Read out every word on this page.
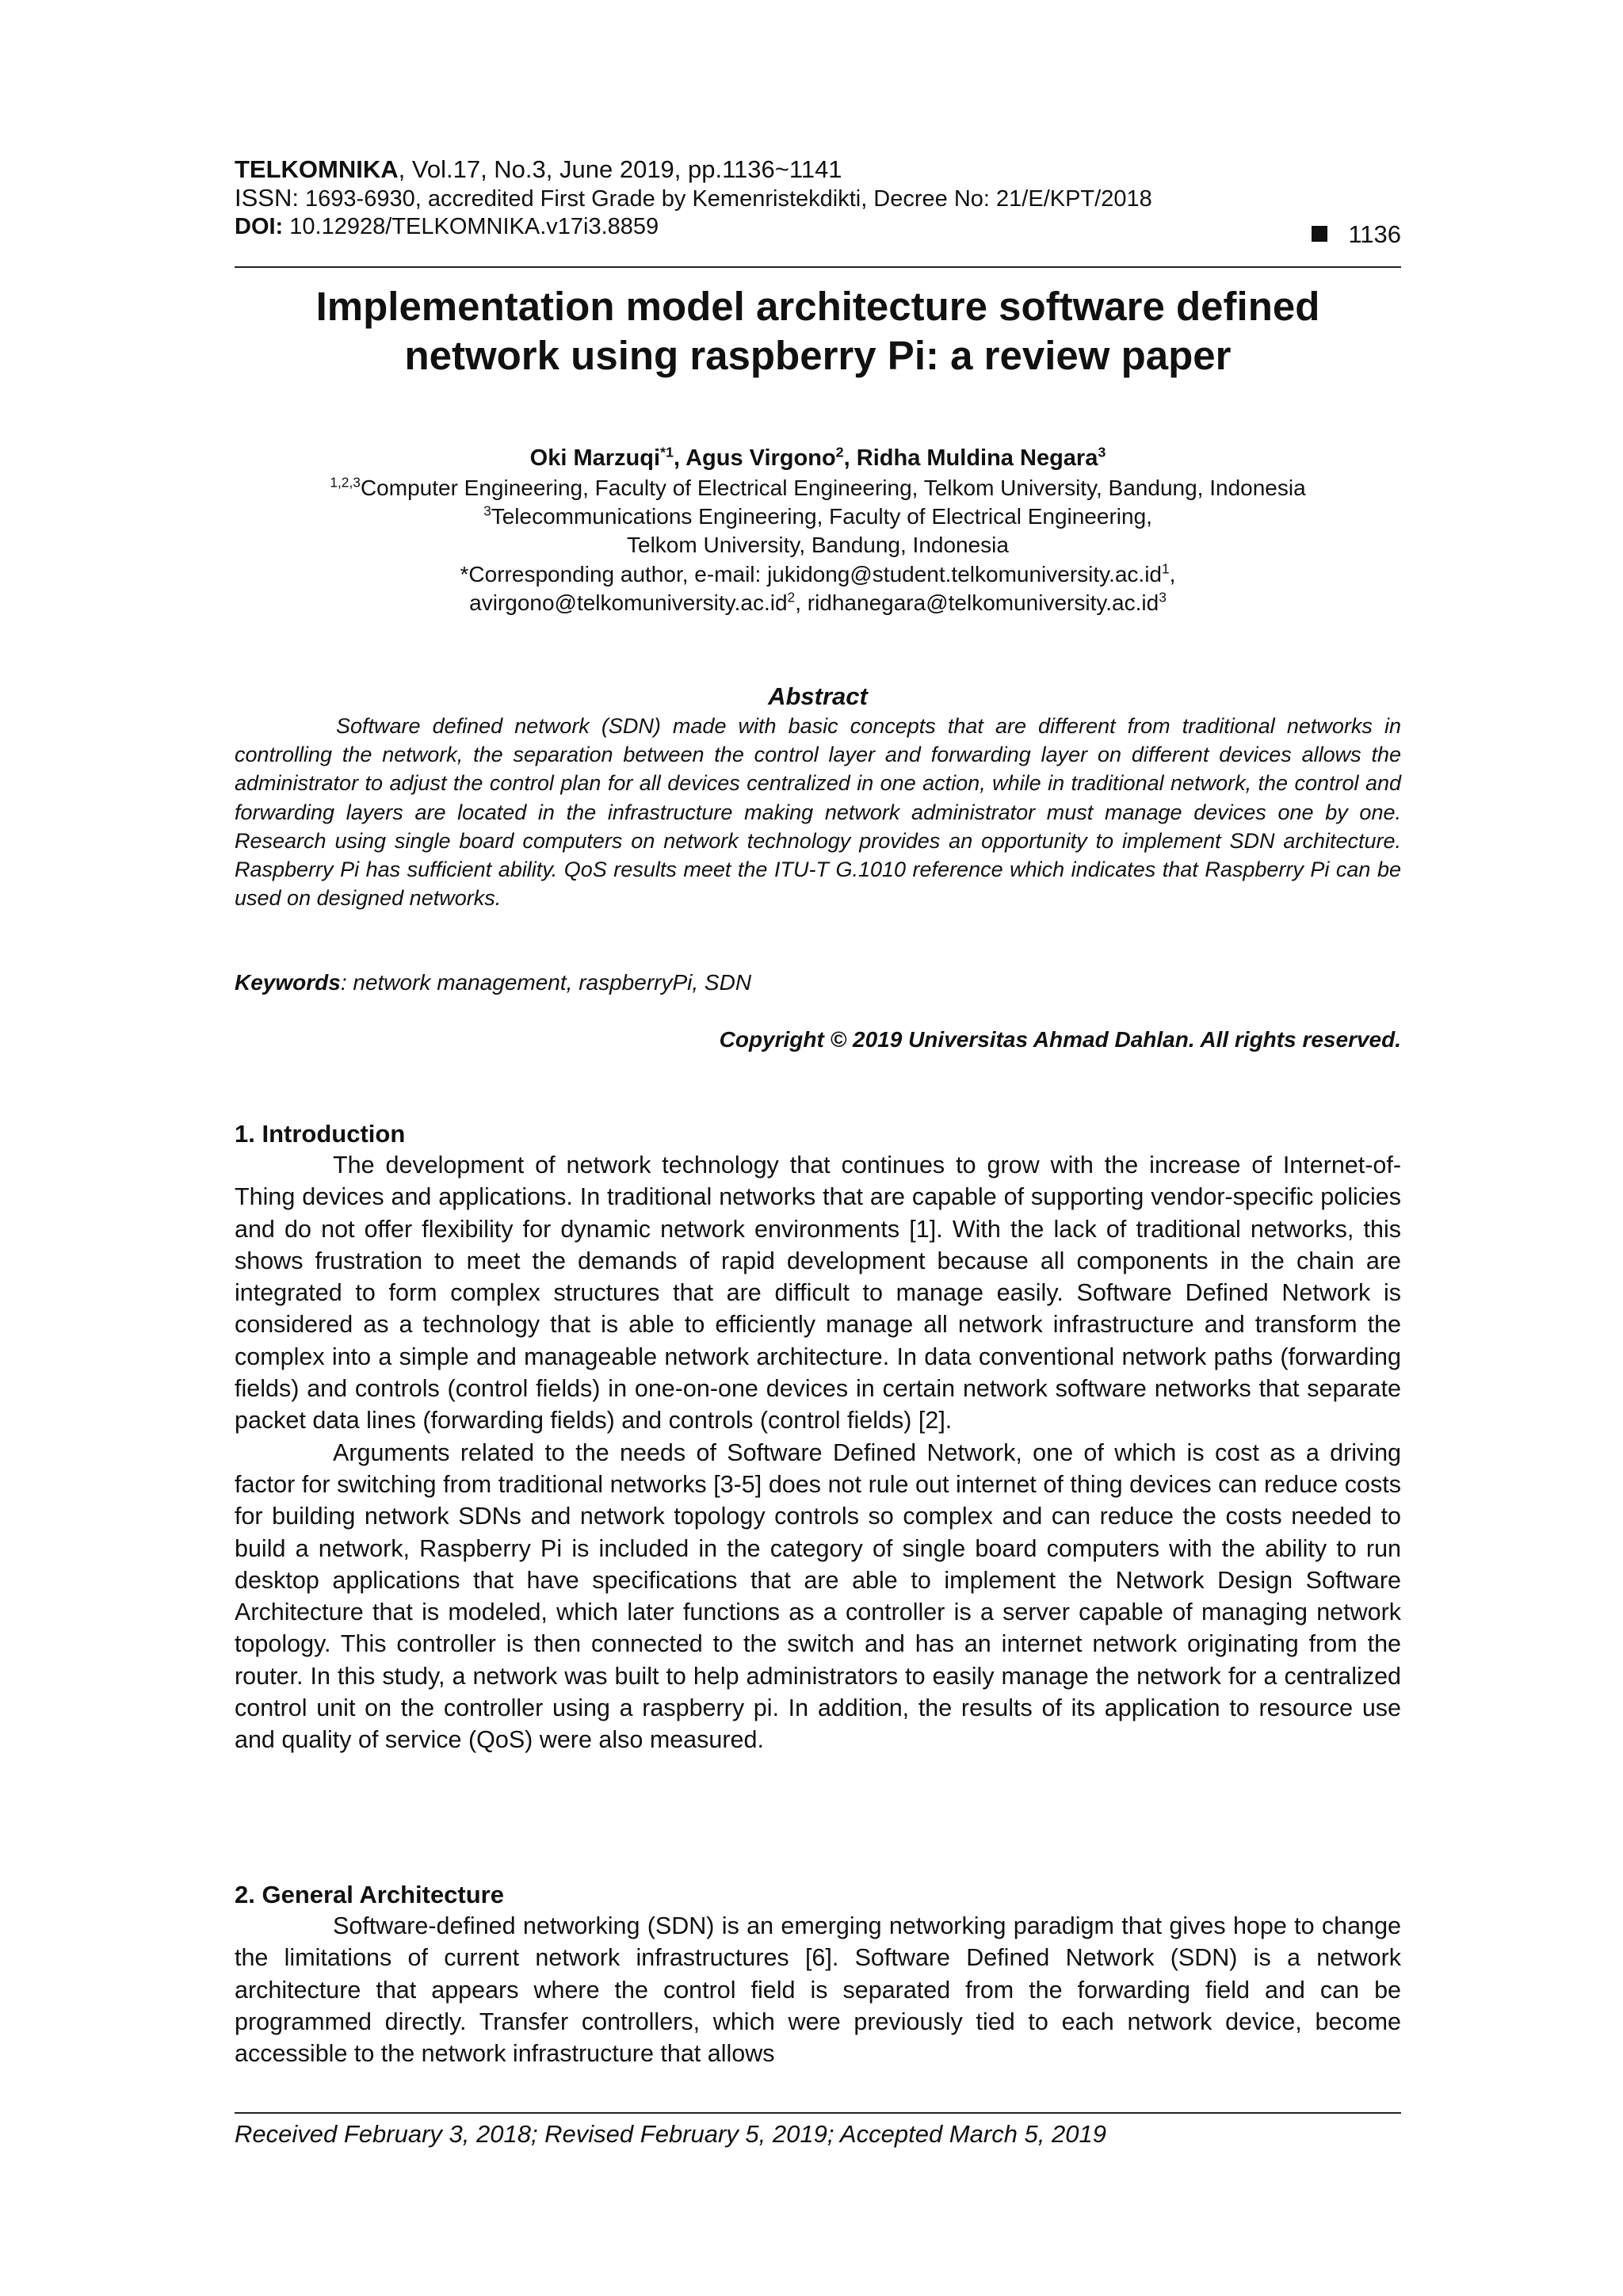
TELKOMNIKA, Vol.17, No.3, June 2019, pp.1136~1141
ISSN: 1693-6930, accredited First Grade by Kemenristekdikti, Decree No: 21/E/KPT/2018
DOI: 10.12928/TELKOMNIKA.v17i3.8859	1136
Implementation model architecture software defined
network using raspberry Pi: a review paper
Oki Marzuqi$^{*1}$, Agus Virgono$^2$, Ridha Muldina Negara$^3$
$^{1,2,3}$Computer Engineering, Faculty of Electrical Engineering, Telkom University, Bandung, Indonesia
$^3$Telecommunications Engineering, Faculty of Electrical Engineering,
Telkom University, Bandung, Indonesia
*Corresponding author, e-mail: $jukidong@student.telkomuniversity.ac.id^1$,
$avirgono@telkomuniversity.ac.id^2$, $ridhanegara@telkomuniversity.ac.id^3$
Abstract
Software defined network (SDN) made with basic concepts that are different from traditional networks in controlling the network, the separation between the control layer and forwarding layer on different devices allows the administrator to adjust the control plan for all devices centralized in one action, while in traditional network, the control and forwarding layers are located in the infrastructure making network administrator must manage devices one by one. Research using single board computers on network technology provides an opportunity to implement SDN architecture. Raspberry Pi has sufficient ability. QoS results meet the ITU-T G.1010 reference which indicates that Raspberry Pi can be used on designed networks.
Keywords: network management, raspberryPi, SDN
Copyright © 2019 Universitas Ahmad Dahlan. All rights reserved.
1. Introduction

The development of network technology that continues to grow with the increase of Internet-of-Thing devices and applications. In traditional networks that are capable of supporting vendor-specific policies and do not offer flexibility for dynamic network environments [1]. With the lack of traditional networks, this shows frustration to meet the demands of rapid development because all components in the chain are integrated to form complex structures that are difficult to manage easily. Software Defined Network is considered as a technology that is able to efficiently manage all network infrastructure and transform the complex into a simple and manageable network architecture. In data conventional network paths (forwarding fields) and controls (control fields) in one-on-one devices in certain network software networks that separate packet data lines (forwarding fields) and controls (control fields) [2].

Arguments related to the needs of Software Defined Network, one of which is cost as a driving factor for switching from traditional networks [3-5] does not rule out internet of thing devices can reduce costs for building network SDNs and network topology controls so complex and can reduce the costs needed to build a network, Raspberry Pi is included in the category of single board computers with the ability to run desktop applications that have specifications that are able to implement the Network Design Software Architecture that is modeled, which later functions as a controller is a server capable of managing network topology. This controller is then connected to the switch and has an internet network originating from the router. In this study, a network was built to help administrators to easily manage the network for a centralized control unit on the controller using a raspberry pi. In addition, the results of its application to resource use and quality of service (QoS) were also measured.

2. General Architecture

Software-defined networking (SDN) is an emerging networking paradigm that gives hope to change the limitations of current network infrastructures [6]. Software Defined Network (SDN) is a network architecture that appears where the control field is separated from the forwarding field and can be programmed directly. Transfer controllers, which were previously tied to each network device, become accessible to the network infrastructure that allows

Received February 3, 2018; Revised February 5, 2019; Accepted March 5, 2019
